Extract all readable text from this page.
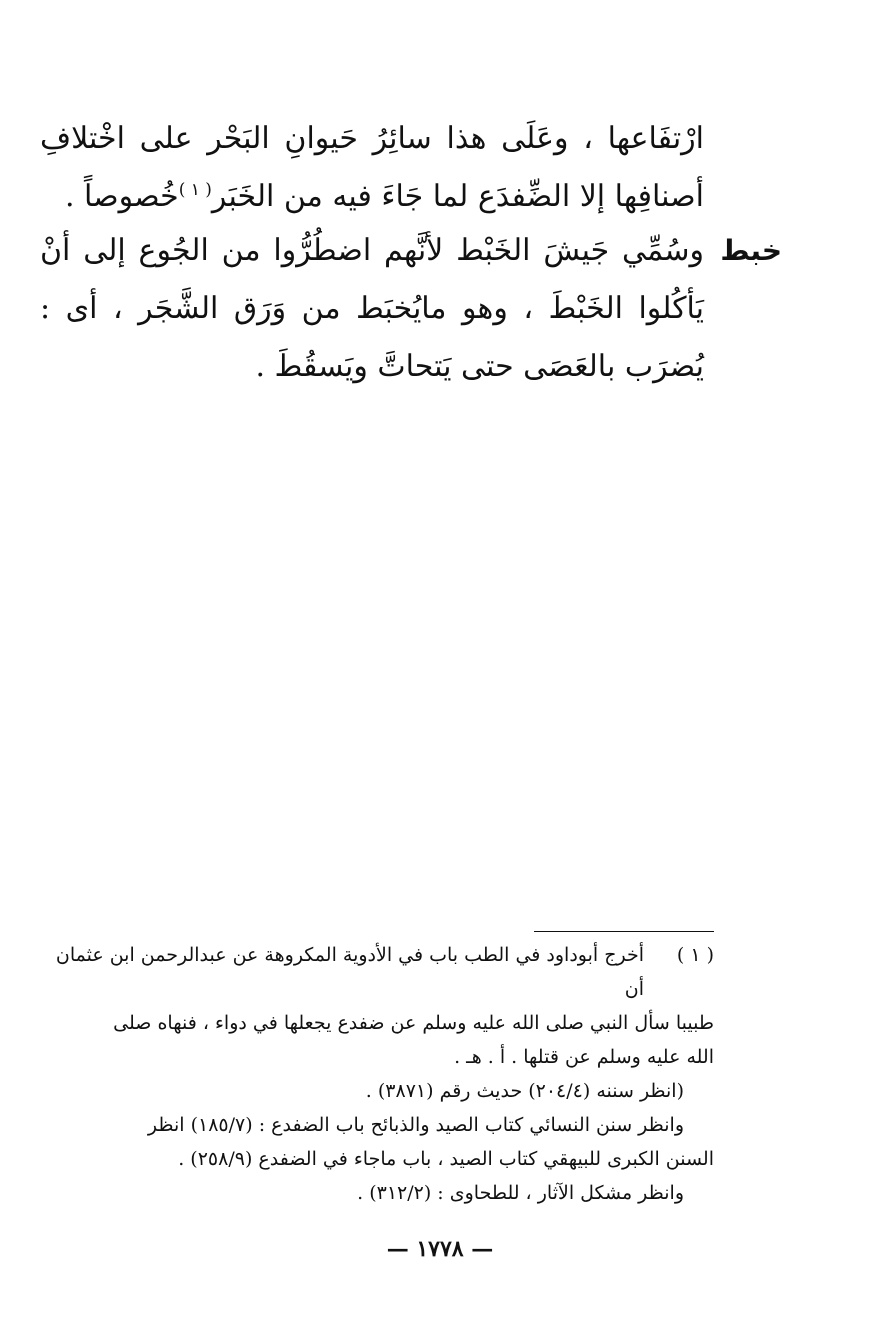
ارْتفَاعها ، وعَلَى هذا سائِرُ حَيوانِ البَحْر على اخْتلافِ أصنافِها إلا الضِّفدَع لما جَاءَ فيه من الخَبَر$^{( ١ )}$خُصوصاً .

خبط

وسُمِّي جَيشَ الخَبْط لأنَّهم اضطُرُّوا من الجُوع إلى أنْ يَأكُلوا الخَبْطَ ، وهو مايُخبَط من وَرَق الشَّجَر ، أى : يُضرَب بالعَصَى حتى يَتحاتَّ ويَسقُطَ .

( ١ )
أخرج أبوداود في الطب باب في الأدوية المكروهة عن عبدالرحمن ابن عثمان أن
طبيبا سأل النبي صلى الله عليه وسلم عن ضفدع يجعلها في دواء ، فنهاه صلى
الله عليه وسلم عن قتلها . أ . هـ .
(انظر سننه (٢٠٤/٤) حديث رقم (٣٨٧١) .
وانظر سنن النسائي كتاب الصيد والذبائح باب الضفدع : (١٨٥/٧) انظر
السنن الكبرى للبيهقي كتاب الصيد ، باب ماجاء في الضفدع (٢٥٨/٩) .
وانظر مشكل الآثار ، للطحاوى : (٣١٢/٢) .
— ١٧٧٨ —
